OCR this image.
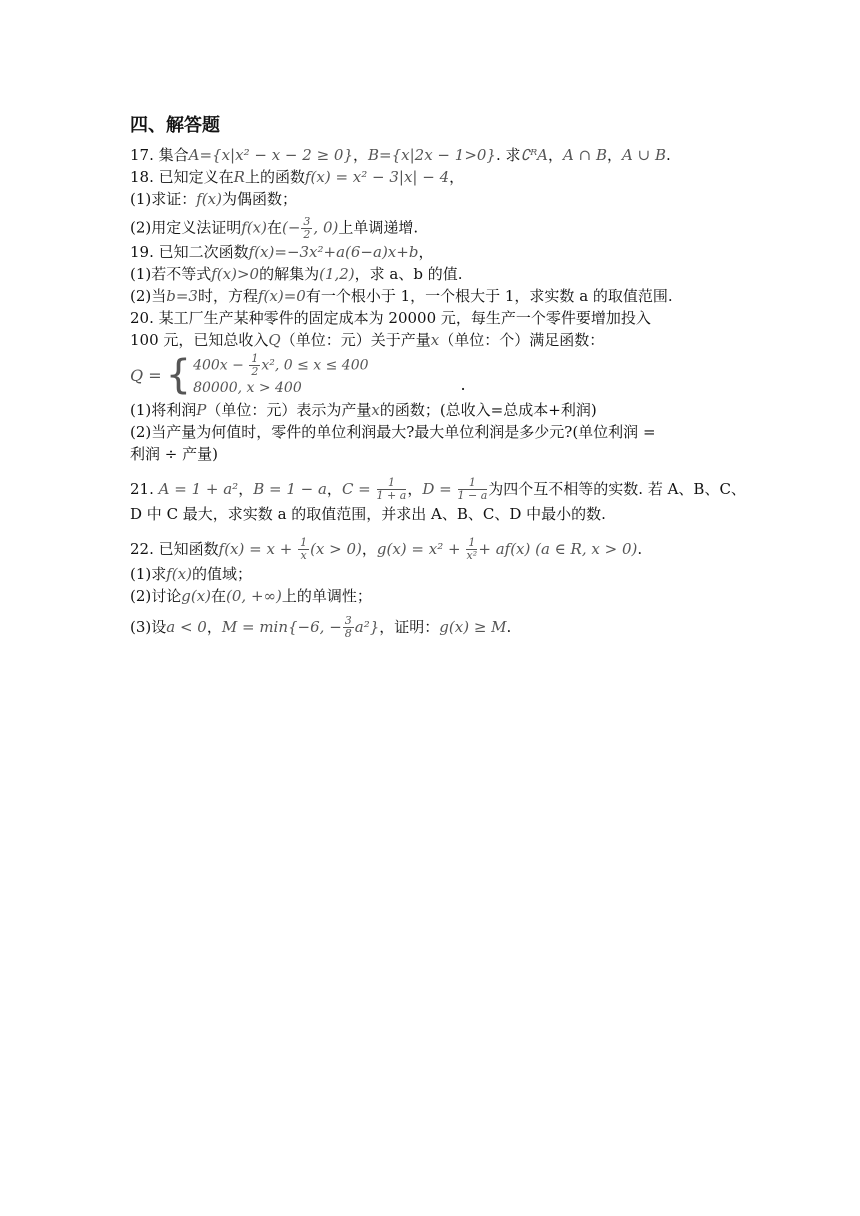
四、解答题
17. 集合A={x|x² − x − 2 ≥ 0}，B={x|2x − 1>0}. 求∁ᴿA，A ∩ B，A ∪ B.
18. 已知定义在R上的函数f(x) = x² − 3|x| − 4，
(1)求证：f(x)为偶函数；
(2)用定义法证明f(x)在(− $\frac{3}{2}$ , 0)上单调递增.
19. 已知二次函数f(x)=−3x²+a(6−a)x+b，
(1)若不等式f(x)>0的解集为(1,2)，求 a、b 的值.
(2)当b=3时，方程f(x)=0有一个根小于 1，一个根大于 1，求实数 a 的取值范围.
20. 某工厂生产某种零件的固定成本为 20000 元，每生产一个零件要增加投入
100 元，已知总收入Q（单位：元）关于产量x（单位：个）满足函数：
Q = { $400x - \frac{1}{2} x^2$, 0 ≤ x ≤ 400
80000, x > 400	.
(1)将利润P（单位：元）表示为产量x的函数；(总收入=总成本+利润)
(2)当产量为何值时，零件的单位利润最大?最大单位利润是多少元?(单位利润 =
利润 ÷ 产量)
21.
A = 1 + a² ， B = 1 − a ， C =
$\frac{1}{1 + a}$ ， D =
$\frac{1}{1 - a}$ 为四个互不相等的实数. 若 A、B、C、
D 中 C 最大，求实数 a 的取值范围，并求出 A、B、C、D 中最小的数.
22.
已知函数 f(x) = x +
$\frac{1}{x} (x > 0)$ ， g(x) = x² +
$\frac{1}{\text{x²}} + af(x)$ (a ∈ R, x > 0) .
(1)求f(x)的值域；
(2)讨论g(x)在(0, +∞)上的单调性；
(3)设 a < 0 ， M = min{−6, − $\frac{3}{8} a^2$} ，证明： g(x) ≥ M .
